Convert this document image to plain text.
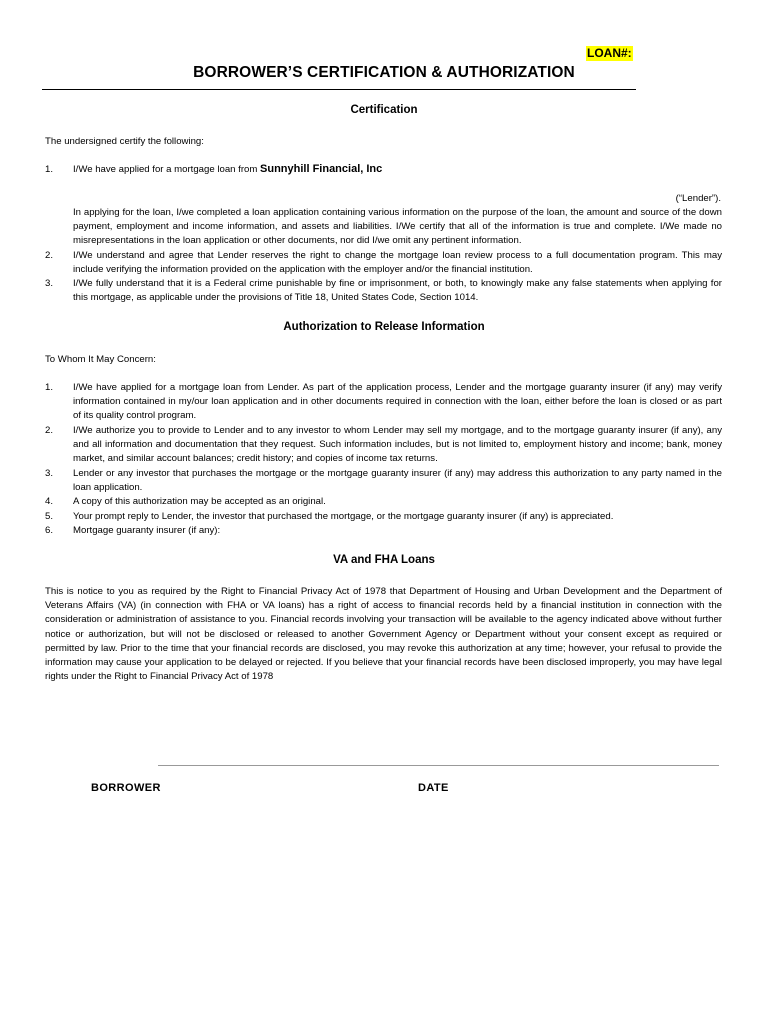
LOAN#:
BORROWER’S CERTIFICATION & AUTHORIZATION
Certification
The undersigned certify the following:
1. I/We have applied for a mortgage loan from Sunnyhill Financial, Inc
(“Lender”).
In applying for the loan, I/we completed a loan application containing various information on the purpose of the loan, the amount and source of the down payment, employment and income information, and assets and liabilities. I/We certify that all of the information is true and complete. I/We made no misrepresentations in the loan application or other documents, nor did I/we omit any pertinent information.
2. I/We understand and agree that Lender reserves the right to change the mortgage loan review process to a full documentation program. This may include verifying the information provided on the application with the employer and/or the financial institution.
3. I/We fully understand that it is a Federal crime punishable by fine or imprisonment, or both, to knowingly make any false statements when applying for this mortgage, as applicable under the provisions of Title 18, United States Code, Section 1014.
Authorization to Release Information
To Whom It May Concern:
1. I/We have applied for a mortgage loan from Lender. As part of the application process, Lender and the mortgage guaranty insurer (if any) may verify information contained in my/our loan application and in other documents required in connection with the loan, either before the loan is closed or as part of its quality control program.
2. I/We authorize you to provide to Lender and to any investor to whom Lender may sell my mortgage, and to the mortgage guaranty insurer (if any), any and all information and documentation that they request. Such information includes, but is not limited to, employment history and income; bank, money market, and similar account balances; credit history; and copies of income tax returns.
3. Lender or any investor that purchases the mortgage or the mortgage guaranty insurer (if any) may address this authorization to any party named in the loan application.
4. A copy of this authorization may be accepted as an original.
5. Your prompt reply to Lender, the investor that purchased the mortgage, or the mortgage guaranty insurer (if any) is appreciated.
6. Mortgage guaranty insurer (if any):
VA and FHA Loans
This is notice to you as required by the Right to Financial Privacy Act of 1978 that Department of Housing and Urban Development and the Department of Veterans Affairs (VA) (in connection with FHA or VA loans) has a right of access to financial records held by a financial institution in connection with the consideration or administration of assistance to you. Financial records involving your transaction will be available to the agency indicated above without further notice or authorization, but will not be disclosed or released to another Government Agency or Department without your consent except as required or permitted by law. Prior to the time that your financial records are disclosed, you may revoke this authorization at any time; however, your refusal to provide the information may cause your application to be delayed or rejected. If you believe that your financial records have been disclosed improperly, you may have legal rights under the Right to Financial Privacy Act of 1978
BORROWER	DATE
